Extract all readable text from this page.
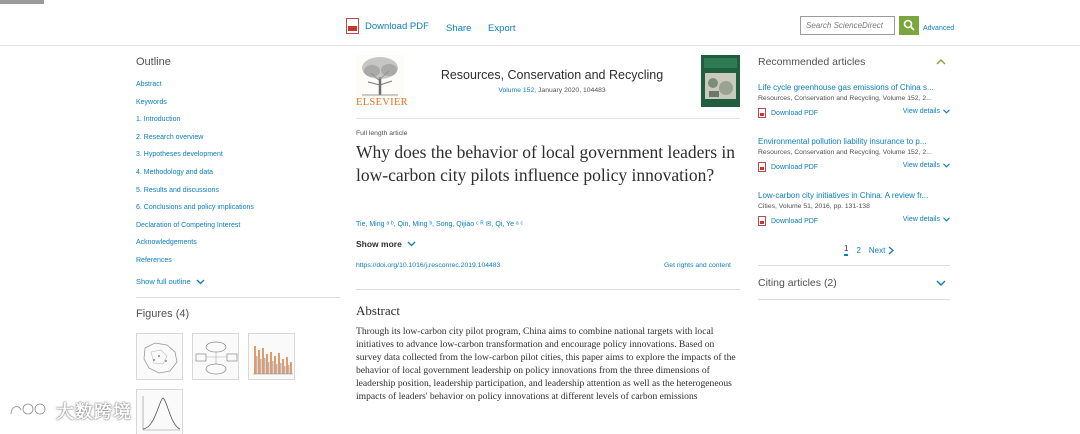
Download PDF Share Export	Search ScienceDirect	Advanced
Outline
Abstract
Keywords
1. Introduction
2. Research overview
3. Hypotheses development
4. Methodology and data
5. Results and discussions
6. Conclusions and policy implications
Declaration of Competing Interest
Acknowledgements
References
Show full outline
Figures (4)
ELSEVIER
Resources, Conservation and Recycling
Volume 152, January 2020, 104483
Full length article
Why does the behavior of local government leaders in low-carbon city pilots influence policy innovation?
Tie, Ming ᵃ ᵇ, Qin, Ming ᵇ, Song, Qijiao ᶜ ᴿ ✉, Qi, Ye ᵃ ᶜ
Show more
https://doi.org/10.1016/j.resconrec.2019.104483	Get rights and content
Abstract
Through its low-carbon city pilot program, China aims to combine national targets with local initiatives to advance low-carbon transformation and encourage policy innovations. Based on survey data collected from the low-carbon pilot cities, this paper aims to explore the impacts of the behavior of local government leadership on policy innovations from the three dimensions of leadership position, leadership participation, and leadership attention as well as the heterogeneous impacts of leaders' behavior on policy innovations at different levels of carbon emissions
Recommended articles
Life cycle greenhouse gas emissions of China s...
Resources, Conservation and Recycling, Volume 152, 2...
Download PDF	View details
Environmental pollution liability insurance to p...
Resources, Conservation and Recycling, Volume 152, 2...
Download PDF	View details
Low-carbon city initiatives in China: A review fr...
Cities, Volume 51, 2016, pp. 131-138
Download PDF	View details
1 2 Next
Citing articles (2)
大数跨境
